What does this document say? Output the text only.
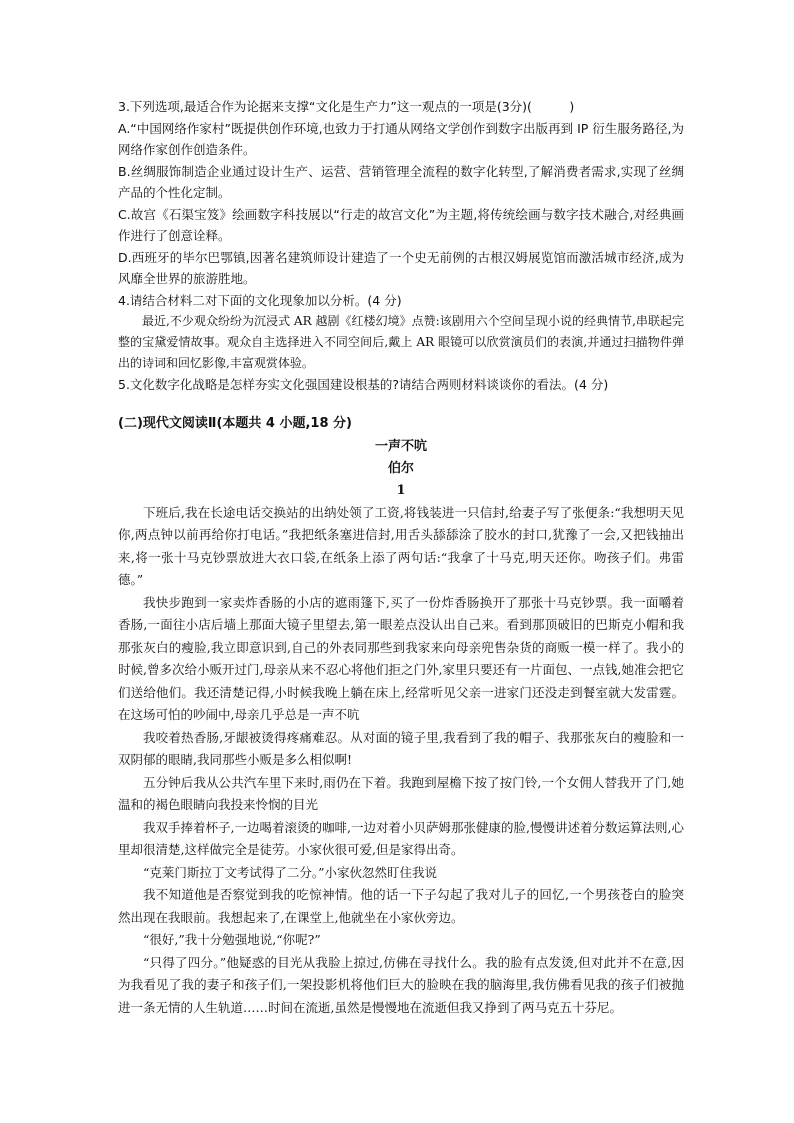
3.下列选项,最适合作为论据来支撑“文化是生产力”这一观点的一项是(3分)(　　　)

A.“中国网络作家村”既提供创作环境,也致力于打通从网络文学创作到数字出版再到 IP 衍生服务路径,为网络作家创作创造条件。

B.丝绸服饰制造企业通过设计生产、运营、营销管理全流程的数字化转型,了解消费者需求,实现了丝绸产品的个性化定制。

C.故宫《石渠宝笈》绘画数字科技展以“行走的故宫文化”为主题,将传统绘画与数字技术融合,对经典画作进行了创意诠释。

D.西班牙的毕尔巴鄂镇,因著名建筑师设计建造了一个史无前例的古根汉姆展览馆而激活城市经济,成为风靡全世界的旅游胜地。

4.请结合材料二对下面的文化现象加以分析。(4 分)

最近,不少观众纷纷为沉浸式 AR 越剧《红楼幻境》点赞:该剧用六个空间呈现小说的经典情节,串联起完整的宝黛爱情故事。观众自主选择进入不同空间后,戴上 AR 眼镜可以欣赏演员们的表演,并通过扫描物件弹出的诗词和回忆影像,丰富观赏体验。

5.文化数字化战略是怎样夯实文化强国建设根基的?请结合两则材料谈谈你的看法。(4 分)

(二)现代文阅读Ⅱ(本题共 4 小题,18 分)

一声不吭

伯尔

1

下班后,我在长途电话交换站的出纳处领了工资,将钱装进一只信封,给妻子写了张便条:“我想明天见你,两点钟以前再给你打电话。”我把纸条塞进信封,用舌头舔舔涂了胶水的封口,犹豫了一会,又把钱抽出来,将一张十马克钞票放进大衣口袋,在纸条上添了两句话:“我拿了十马克,明天还你。吻孩子们。弗雷德。”

我快步跑到一家卖炸香肠的小店的遮雨篷下,买了一份炸香肠换开了那张十马克钞票。我一面嚼着香肠,一面往小店后墙上那面大镜子里望去,第一眼差点没认出自己来。看到那顶破旧的巴斯克小帽和我那张灰白的瘦脸,我立即意识到,自己的外表同那些到我家来向母亲兜售杂货的商贩一模一样了。我小的时候,曾多次给小贩开过门,母亲从来不忍心将他们拒之门外,家里只要还有一片面包、一点钱,她准会把它们送给他们。我还清楚记得,小时候我晚上躺在床上,经常听见父亲一进家门还没走到餐室就大发雷霆。在这场可怕的吵闹中,母亲几乎总是一声不吭

我咬着热香肠,牙龈被烫得疼痛难忍。从对面的镜子里,我看到了我的帽子、我那张灰白的瘦脸和一双阴郁的眼睛,我同那些小贩是多么相似啊!

五分钟后我从公共汽车里下来时,雨仍在下着。我跑到屋檐下按了按门铃,一个女佣人替我开了门,她温和的褐色眼睛向我投来怜悯的目光

我双手捧着杯子,一边喝着滚烫的咖啡,一边对着小贝萨姆那张健康的脸,慢慢讲述着分数运算法则,心里却很清楚,这样做完全是徒劳。小家伙很可爱,但是家得出奇。

“克莱门斯拉丁文考试得了二分。”小家伙忽然盯住我说

我不知道他是否察觉到我的吃惊神情。他的话一下子勾起了我对儿子的回忆,一个男孩苍白的脸突然出现在我眼前。我想起来了,在课堂上,他就坐在小家伙旁边。

“很好,”我十分勉强地说,“你呢?”

“只得了四分。”他疑惑的目光从我脸上掠过,仿佛在寻找什么。我的脸有点发烫,但对此并不在意,因为我看见了我的妻子和孩子们,一架投影机将他们巨大的脸映在我的脑海里,我仿佛看见我的孩子们被抛进一条无情的人生轨道……时间在流逝,虽然是慢慢地在流逝但我又挣到了两马克五十芬尼。
